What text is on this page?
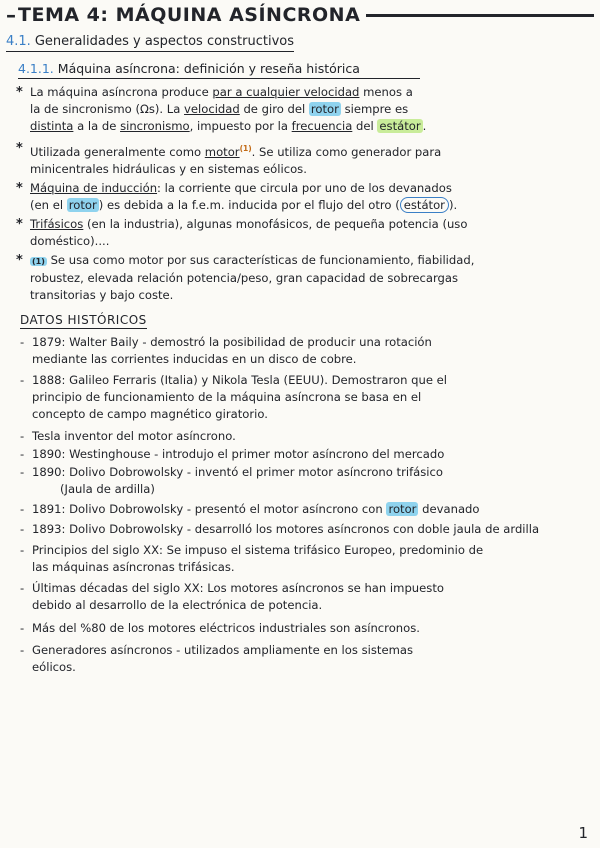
– TEMA 4: MÁQUINA ASÍNCRONA
4.1. Generalidades y aspectos constructivos
4.1.1. Máquina asíncrona: definición y reseña histórica
* La máquina asíncrona produce par a cualquier velocidad menos a
la de sincronismo (Ωs). La velocidad de giro del rotor siempre es
distinta a la de sincronismo, impuesto por la frecuencia del estátor .
* Utilizada generalmente como motor$^{(1)}$. Se utiliza como generador para
minicentrales hidráulicas y en sistemas eólicos.
* Máquina de inducción: la corriente que circula por uno de los devanados
(en el rotor ) es debida a la f.e.m. inducida por el flujo del otro ( estátor ).
* Trifásicos (en la industria), algunas monofásicos, de pequeña potencia (uso
doméstico)....
* (1) Se usa como motor por sus características de funcionamiento, fiabilidad,
robustez, elevada relación potencia/peso, gran capacidad de sobrecargas
transitorias y bajo coste.
DATOS HISTÓRICOS
- 1879: Walter Baily - demostró la posibilidad de producir una rotación
mediante las corrientes inducidas en un disco de cobre.
- 1888: Galileo Ferraris (Italia) y Nikola Tesla (EEUU). Demostraron que el
principio de funcionamiento de la máquina asíncrona se basa en el
concepto de campo magnético giratorio.
- Tesla inventor del motor asíncrono.
- 1890: Westinghouse - introdujo el primer motor asíncrono del mercado
- 1890: Dolivo Dobrowolsky - inventó el primer motor asíncrono trifásico
(Jaula de ardilla)
- 1891: Dolivo Dobrowolsky - presentó el motor asíncrono con rotor devanado
- 1893: Dolivo Dobrowolsky - desarrolló los motores asíncronos con doble jaula de ardilla
- Principios del siglo XX: Se impuso el sistema trifásico Europeo, predominio de
las máquinas asíncronas trifásicas.
- Últimas décadas del siglo XX: Los motores asíncronos se han impuesto
debido al desarrollo de la electrónica de potencia.
- Más del %80 de los motores eléctricos industriales son asíncronos.
- Generadores asíncronos - utilizados ampliamente en los sistemas
eólicos.
1
